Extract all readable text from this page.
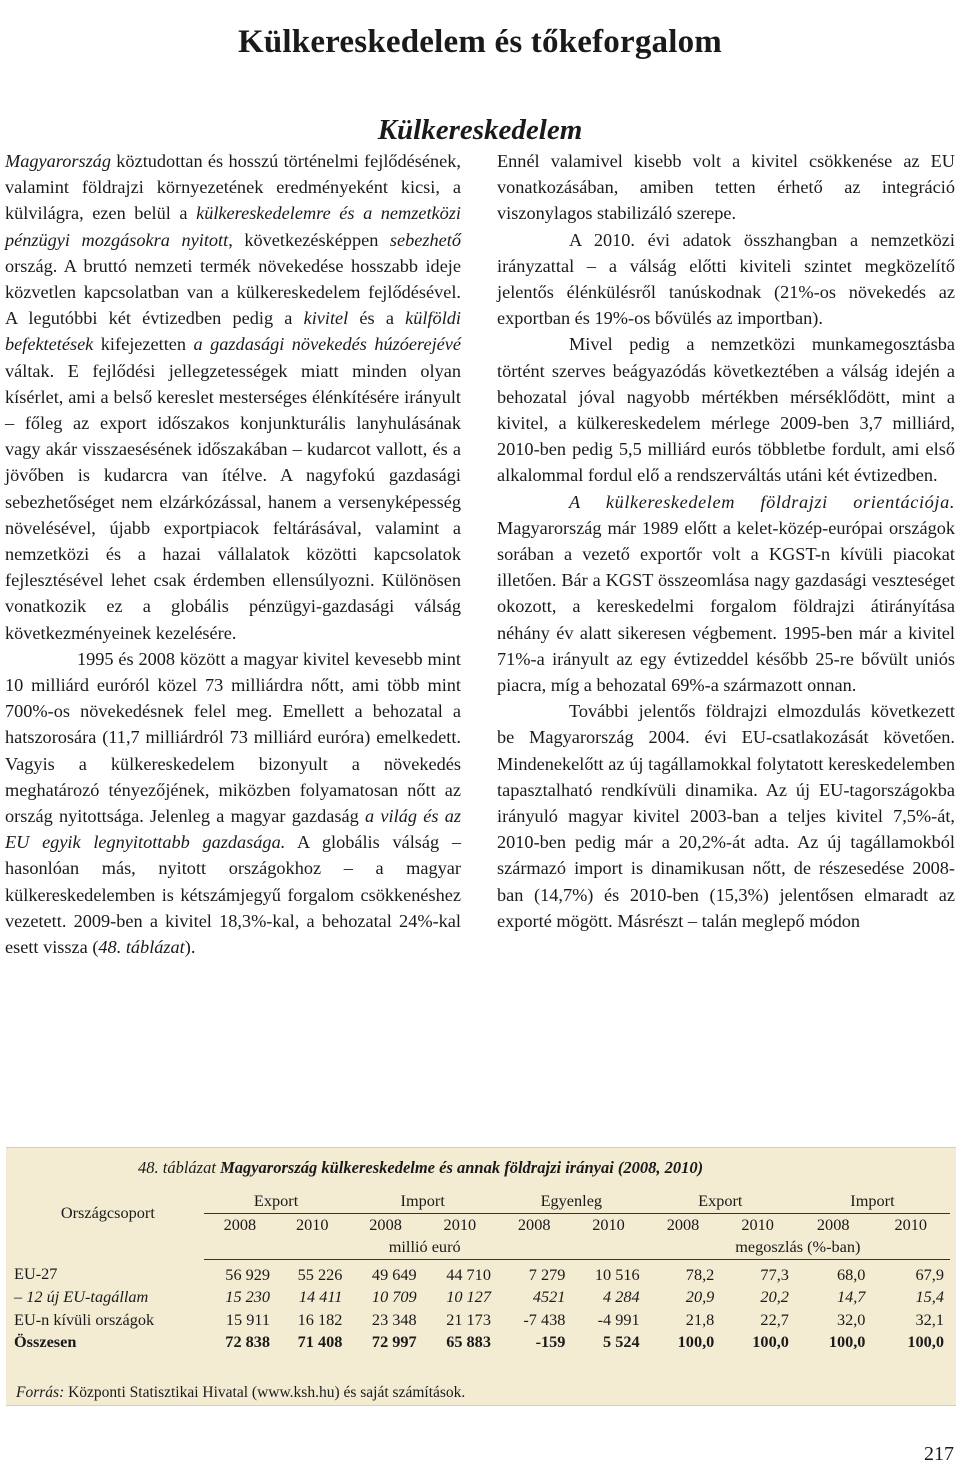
Külkereskedelem és tőkeforgalom
Külkereskedelem

Magyarország köztudottan és hosszú történelmi fejlődésének, valamint földrajzi környezetének eredményeként kicsi, a külvilágra, ezen belül a külkereskedelemre és a nemzetközi pénzügyi mozgásokra nyitott, következésképpen sebezhető ország. A bruttó nemzeti termék növekedése hosszabb ideje közvetlen kapcsolatban van a külkereskedelem fejlődésével. A legutóbbi két évtizedben pedig a kivitel és a külföldi befektetések kifejezetten a gazdasági növekedés húzóerejévé váltak. E fejlődési jellegzetességek miatt minden olyan kísérlet, ami a belső kereslet mesterséges élénkítésére irányult – főleg az export időszakos konjunkturális lanyhulásának vagy akár visszaesésének időszakában – kudarcot vallott, és a jövőben is kudarcra van ítélve. A nagyfokú gazdasági sebezhetőséget nem elzárkózással, hanem a versenyképesség növelésével, újabb exportpiacok feltárásával, valamint a nemzetközi és a hazai vállalatok közötti kapcsolatok fejlesztésével lehet csak érdemben ellensúlyozni. Különösen vonatkozik ez a globális pénzügyi-gazdasági válság következményeinek kezelésére.

1995 és 2008 között a magyar kivitel kevesebb mint 10 milliárd euróról közel 73 milliárdra nőtt, ami több mint 700%-os növekedésnek felel meg. Emellett a behozatal a hatszorosára (11,7 milliárdról 73 milliárd euróra) emelkedett. Vagyis a külkereskedelem bizonyult a növekedés meghatározó tényezőjének, miközben folyamatosan nőtt az ország nyitottsága. Jelenleg a magyar gazdaság a világ és az EU egyik legnyitottabb gazdasága. A globális válság – hasonlóan más, nyitott országokhoz – a magyar külkereskedelemben is kétszámjegyű forgalom csökkenéshez vezetett. 2009-ben a kivitel 18,3%-kal, a behozatal 24%-kal esett vissza (48. táblázat).

Ennél valamivel kisebb volt a kivitel csökkenése az EU vonatkozásában, amiben tetten érhető az integráció viszonylagos stabilizáló szerepe.

A 2010. évi adatok összhangban a nemzetközi irányzattal – a válság előtti kiviteli szintet megközelítő jelentős élénkülésről tanúskodnak (21%-os növekedés az exportban és 19%-os bővülés az importban).

Mivel pedig a nemzetközi munkamegosztásba történt szerves beágyazódás következtében a válság idején a behozatal jóval nagyobb mértékben mérséklődött, mint a kivitel, a külkereskedelem mérlege 2009-ben 3,7 milliárd, 2010-ben pedig 5,5 milliárd eurós többletbe fordult, ami első alkalommal fordul elő a rendszerváltás utáni két évtizedben.

A külkereskedelem földrajzi orientációja. Magyarország már 1989 előtt a kelet-közép-európai országok sorában a vezető exportőr volt a KGST-n kívüli piacokat illetően. Bár a KGST összeomlása nagy gazdasági veszteséget okozott, a kereskedelmi forgalom földrajzi átirányítása néhány év alatt sikeresen végbement. 1995-ben már a kivitel 71%-a irányult az egy évtizeddel később 25-re bővült uniós piacra, míg a behozatal 69%-a származott onnan.

További jelentős földrajzi elmozdulás következett be Magyarország 2004. évi EU-csatlakozását követően. Mindenekelőtt az új tagállamokkal folytatott kereskedelemben tapasztalható rendkívüli dinamika. Az új EU-tagországokba irányuló magyar kivitel 2003-ban a teljes kivitel 7,5%-át, 2010-ben pedig már a 20,2%-át adta. Az új tagállamokból származó import is dinamikusan nőtt, de részesedése 2008-ban (14,7%) és 2010-ben (15,3%) jelentősen elmaradt az exporté mögött. Másrészt – talán meglepő módon

48. táblázat Magyarország külkereskedelme és annak földrajzi irányai (2008, 2010)
Országcsoport	Export		Import		Egyenleg		Export		Import	
	2008	2010	2008	2010	2008	2010	2008	2010	2008	2010
	millió euró						megoszlás (%-ban)			
EU-27	56 929	55 226	49 649	44 710	7 279	10 516	78,2	77,3	68,0	67,9
– 12 új EU-tagállam	15 230	14 411	10 709	10 127	4521	4 284	20,9	20,2	14,7	15,4
EU-n kívüli országok	15 911	16 182	23 348	21 173	-7 438	-4 991	21,8	22,7	32,0	32,1
Összesen	72 838	71 408	72 997	65 883	-159	5 524	100,0	100,0	100,0	100,0
Forrás: Központi Statisztikai Hivatal (www.ksh.hu) és saját számítások.
217
